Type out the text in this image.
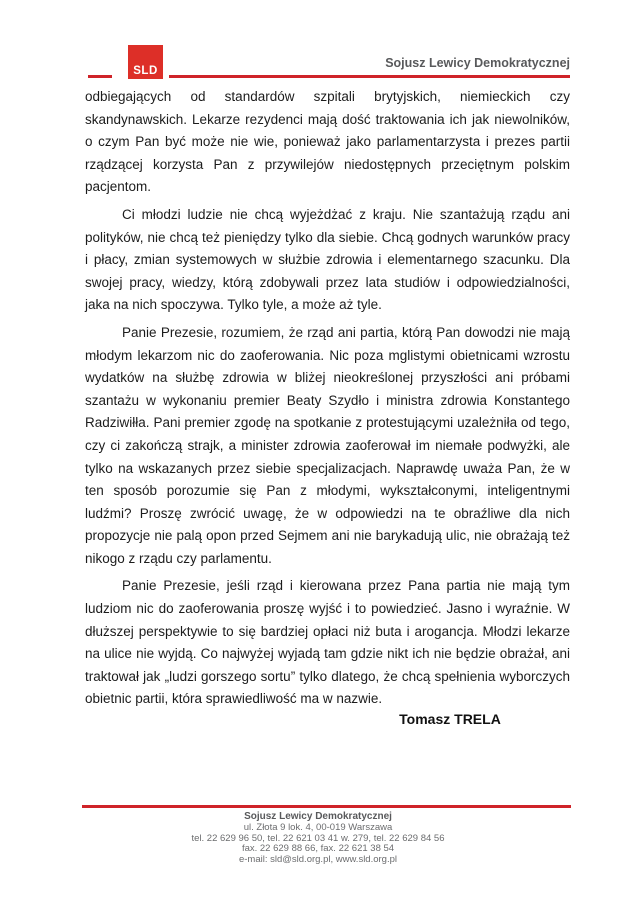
SLD
Sojusz Lewicy Demokratycznej

odbiegających od standardów szpitali brytyjskich, niemieckich czy skandynawskich. Lekarze rezydenci mają dość traktowania ich jak niewolników, o czym Pan być może nie wie, ponieważ jako parlamentarzysta i prezes partii rządzącej korzysta Pan z przywilejów niedostępnych przeciętnym polskim pacjentom.

Ci młodzi ludzie nie chcą wyjeżdżać z kraju. Nie szantażują rządu ani polityków, nie chcą też pieniędzy tylko dla siebie. Chcą godnych warunków pracy i płacy, zmian systemowych w służbie zdrowia i elementarnego szacunku. Dla swojej pracy, wiedzy, którą zdobywali przez lata studiów i odpowiedzialności, jaka na nich spoczywa. Tylko tyle, a może aż tyle.

Panie Prezesie, rozumiem, że rząd ani partia, którą Pan dowodzi nie mają młodym lekarzom nic do zaoferowania. Nic poza mglistymi obietnicami wzrostu wydatków na służbę zdrowia w bliżej nieokreślonej przyszłości ani próbami szantażu w wykonaniu premier Beaty Szydło i ministra zdrowia Konstantego Radziwiłła. Pani premier zgodę na spotkanie z protestującymi uzależniła od tego, czy ci zakończą strajk, a minister zdrowia zaoferował im niemałe podwyżki, ale tylko na wskazanych przez siebie specjalizacjach. Naprawdę uważa Pan, że w ten sposób porozumie się Pan z młodymi, wykształconymi, inteligentnymi ludźmi? Proszę zwrócić uwagę, że w odpowiedzi na te obraźliwe dla nich propozycje nie palą opon przed Sejmem ani nie barykadują ulic, nie obrażają też nikogo z rządu czy parlamentu.

Panie Prezesie, jeśli rząd i kierowana przez Pana partia nie mają tym ludziom nic do zaoferowania proszę wyjść i to powiedzieć. Jasno i wyraźnie. W dłuższej perspektywie to się bardziej opłaci niż buta i arogancja. Młodzi lekarze na ulice nie wyjdą. Co najwyżej wyjadą tam gdzie nikt ich nie będzie obrażał, ani traktował jak „ludzi gorszego sortu” tylko dlatego, że chcą spełnienia wyborczych obietnic partii, która sprawiedliwość ma w nazwie.

Tomasz TRELA
Sojusz Lewicy Demokratycznej
ul. Złota 9 lok. 4, 00-019 Warszawa
tel. 22 629 96 50, tel. 22 621 03 41 w. 279, tel. 22 629 84 56
fax. 22 629 88 66, fax. 22 621 38 54
e-mail: sld@sld.org.pl, www.sld.org.pl
